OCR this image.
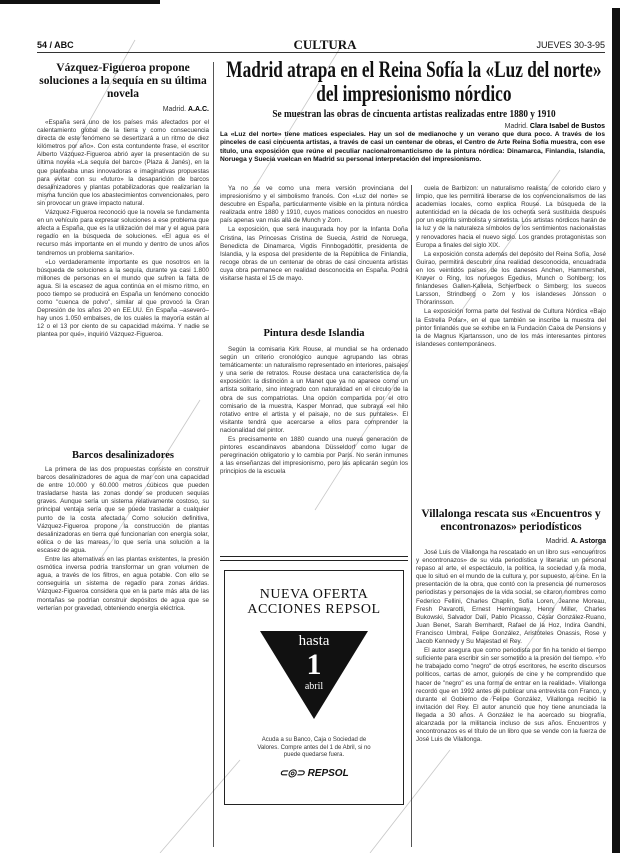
54 / ABC	CULTURA	JUEVES 30-3-95
Vázquez-Figueroa propone soluciones a la sequía en su última novela
Madrid. A.A.C.

«España será uno de los países más afectados por el calentamiento global de la tierra y como consecuencia directa de este fenómeno se desertizará a un ritmo de diez kilómetros por año». Con esta contundente frase, el escritor Alberto Vázquez-Figueroa abrió ayer la presentación de su última novela «La sequía del barco» (Plaza & Janés), en la que planteaba unas innovadoras e imaginativas propuestas para evitar con su «futuro» la desaparición de barcos desalinizadores y plantas potabilizadoras que realizarían la misma función que los abastecimientos convencionales, pero sin provocar un grave impacto natural.

Vázquez-Figueroa reconoció que la novela se fundamenta en un vehículo para expresar soluciones a ese problema que afecta a España, que es la utilización del mar y el agua para regadío en la búsqueda de soluciones. «El agua es el recurso más importante en el mundo y dentro de unos años tendremos un problema sanitario».

«Lo verdaderamente importante es que nosotros en la búsqueda de soluciones a la sequía, durante ya casi 1.800 millones de personas en el mundo que sufren la falta de agua. Si la escasez de agua continúa en el mismo ritmo, en poco tiempo se producirá en España un fenómeno conocido como "cuenca de polvo", similar al que provocó la Gran Depresión de los años 20 en EE.UU. En España –aseveró– hay unos 1.050 embalses, de los cuales la mayoría están al 12 o el 13 por ciento de su capacidad máxima. Y nadie se plantea por qué», inquirió Vázquez-Figueroa.

Barcos desalinizadores

La primera de las dos propuestas consiste en construir barcos desalinizadores de agua de mar con una capacidad de entre 10.000 y 60.000 metros cúbicos que pueden trasladarse hasta las zonas donde se producen sequías graves. Aunque sería un sistema relativamente costoso, su principal ventaja sería que se puede trasladar a cualquier punto de la costa afectada. Como solución definitiva, Vázquez-Figueroa propone la construcción de plantas desalinizadoras en tierra que funcionarían con energía solar, eólica o de las mareas, lo que sería una solución a la escasez de agua.

Entre las alternativas en las plantas existentes, la presión osmótica inversa podría transformar un gran volumen de agua, a través de los filtros, en agua potable. Con ello se conseguiría un sistema de regadío para zonas áridas. Vázquez-Figueroa considera que en la parte más alta de las montañas se podrían construir depósitos de agua que se verterían por gravedad, obteniendo energía eléctrica.

Madrid atrapa en el Reina Sofía la «Luz del norte» del impresionismo nórdico
Se muestran las obras de cincuenta artistas realizadas entre 1880 y 1910
Madrid. Clara Isabel de Bustos
La «Luz del norte» tiene matices especiales. Hay un sol de medianoche y un verano que dura poco. A través de los pinceles de casi cincuenta artistas, a través de casi un centenar de obras, el Centro de Arte Reina Sofía muestra, con ese título, una exposición que reúne el peculiar nacionalromanticismo de la pintura nórdica: Dinamarca, Finlandia, Islandia, Noruega y Suecia vuelcan en Madrid su personal interpretación del impresionismo.

Ya no se ve como una mera versión provinciana del impresionismo y el simbolismo francés. Con «Luz del norte» se descubre en España, particularmente visible en la pintura nórdica realizada entre 1880 y 1910, cuyos matices conocidos en nuestro país apenas van más allá de Munch y Zorn.

La exposición, que será inaugurada hoy por la Infanta Doña Cristina, las Princesas Cristina de Suecia, Astrid de Noruega, Benedicta de Dinamarca, Vigdis Finnbogadóttir, presidenta de Islandia, y la esposa del presidente de la República de Finlandia, recoge obras de un centenar de obras de casi cincuenta artistas cuya obra permanece en realidad desconocida en España. Podrá visitarse hasta el 15 de mayo.

Pintura desde Islandia

Según la comisaria Kirk Rouse, al mundial se ha ordenado según un criterio cronológico aunque agrupando las obras temáticamente: un naturalismo representado en interiores, paisajes y una serie de retratos. Rouse destaca una característica de la exposición: la distinción a un Manet que ya no aparece como un artista solitario, sino integrado con naturalidad en el círculo de la obra de sus compatriotas. Una opción compartida por el otro comisario de la muestra, Kasper Monrad, que subraya «el hilo rotativo entre el artista y el paisaje, no de sus puntales». El visitante tendrá que acercarse a ellos para comprender la nacionalidad del pintor.

Es precisamente en 1880 cuando una nueva generación de pintores escandinavos abandona Düsseldorf como lugar de peregrinación obligatorio y lo cambia por París. No serán inmunes a las enseñanzas del impresionismo, pero las aplicarán según los principios de la escuela

NUEVA OFERTA
ACCIONES REPSOL
hasta
1
abril
Acuda a su Banco, Caja o Sociedad de Valores. Compre antes del 1 de Abril, si no puede quedarse fuera.
⊂◎⊃ REPSOL

cuela de Barbizon: un naturalismo realista, de colorido claro y limpio, que les permitirá liberarse de los convencionalismos de las academias locales, como explica Rouse. La búsqueda de la autenticidad en la década de los ochenta será sustituida después por un espíritu simbolista y sintetista. Los artistas nórdicos harán de la luz y de la naturaleza símbolos de los sentimientos nacionalistas y renovadores hacia el nuevo siglo. Los grandes protagonistas son Europa a finales del siglo XIX.

La exposición consta además del depósito del Reina Sofía, José Guirao, permitirá descubrir una realidad desconocida, encuadrada en los veintidós países de los daneses Anchen, Hammershøi, Krøyer o Ring, los noruegos Egedius, Munch o Sohlberg; los finlandeses Gallen-Kallela, Schjerfbeck o Simberg; los suecos Larsson, Strindberg o Zorn y los islandeses Jónsson o Thórarinsson.

La exposición forma parte del festival de Cultura Nórdica «Bajo la Estrella Polar», en el que también se inscribe la muestra del pintor finlandés que se exhibe en la Fundación Caixa de Pensions y la de Magnus Kjartansson, uno de los más interesantes pintores islandeses contemporáneos.

Villalonga rescata sus «Encuentros y encontronazos» periodísticos
Madrid. A. Astorga

José Luis de Vilallonga ha rescatado en un libro sus «encuentros y encontronazos» de su vida periodística y literaria: un personal repaso al arte, el espectáculo, la política, la sociedad y la moda, que lo situó en el mundo de la cultura y, por supuesto, al cine. En la presentación de la obra, que contó con la presencia de numerosos periodistas y personajes de la vida social, se citaron nombres como Federico Fellini, Charles Chaplin, Sofía Loren, Jeanne Moreau, Fresh Pavarotti, Ernest Hemingway, Henry Miller, Charles Bukowski, Salvador Dalí, Pablo Picasso, César González-Ruano, Juan Benet, Sarah Bernhardt, Rafael de la Hoz, Indira Gandhi, Francisco Umbral, Felipe González, Aristóteles Onassis, Rose y Jacob Kennedy y Su Majestad el Rey.

El autor asegura que como periodista por fin ha tenido el tiempo suficiente para escribir sin ser sometido a la presión del tiempo. «Yo he trabajado como "negro" de otros escritores, he escrito discursos políticos, cartas de amor, guiones de cine y he comprendido que hacer de "negro" es una forma de entrar en la realidad». Vilallonga recordó que en 1992 antes de publicar una entrevista con Franco, y durante el Gobierno de Felipe González, Vilallonga recibió la invitación del Rey. El autor anunció que hoy tiene anunciada la llegada a 30 años. A González le ha acercado su biografía, alcanzada por la militancia incluso de sus años. Encuentros y encontronazos es el título de un libro que se vende con la fuerza de José Luis de Vilallonga.
